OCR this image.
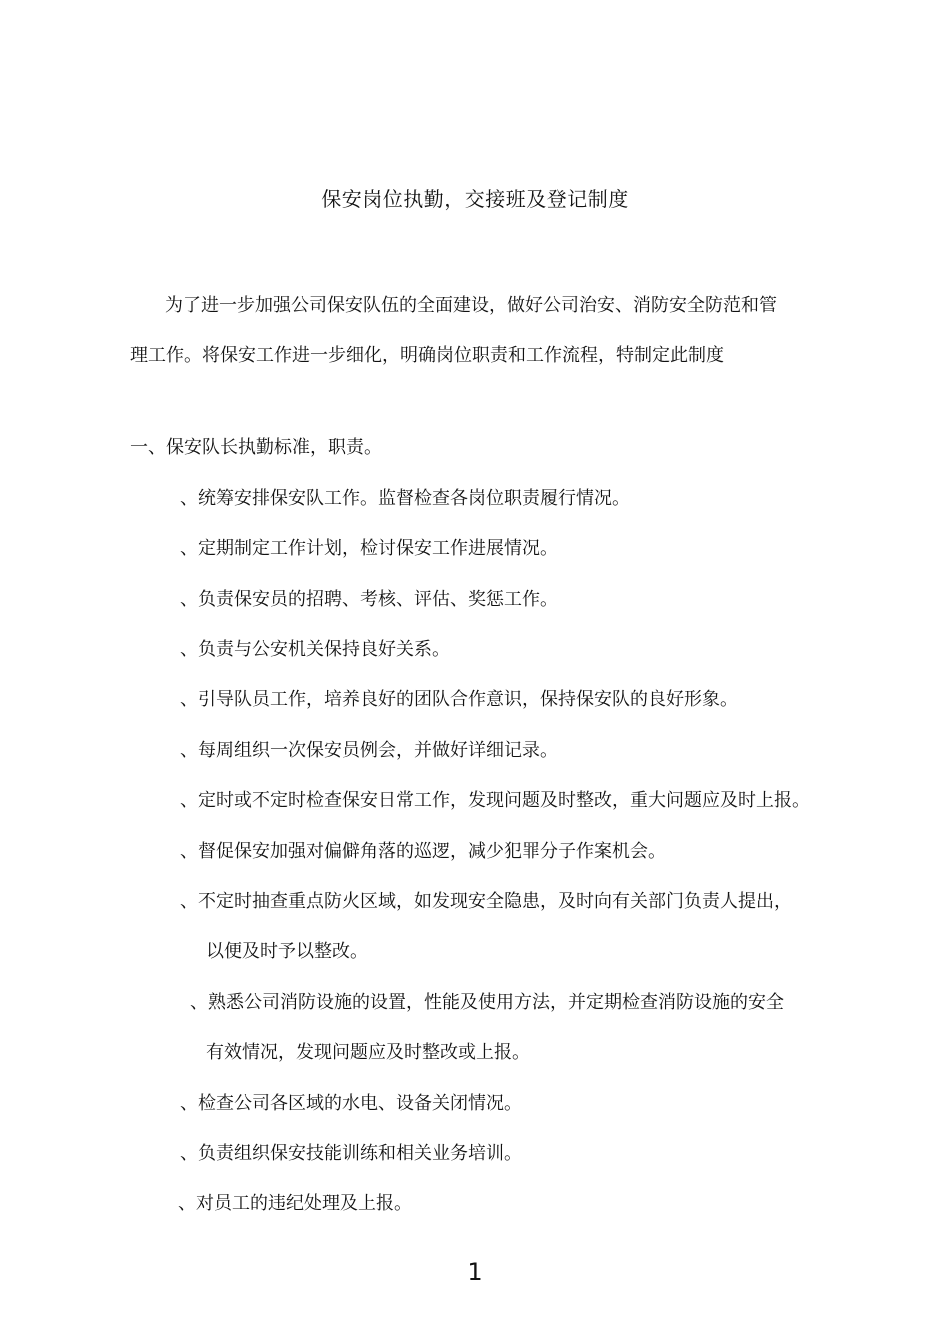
保安岗位执勤，交接班及登记制度
为了进一步加强公司保安队伍的全面建设，做好公司治安、消防安全防范和管
理工作。将保安工作进一步细化，明确岗位职责和工作流程，特制定此制度
一、保安队长执勤标准，职责。
、统筹安排保安队工作。监督检查各岗位职责履行情况。
、定期制定工作计划，检讨保安工作进展情况。
、负责保安员的招聘、考核、评估、奖惩工作。
、负责与公安机关保持良好关系。
、引导队员工作，培养良好的团队合作意识，保持保安队的良好形象。
、每周组织一次保安员例会，并做好详细记录。
、定时或不定时检查保安日常工作，发现问题及时整改，重大问题应及时上报。
、督促保安加强对偏僻角落的巡逻，减少犯罪分子作案机会。
、不定时抽查重点防火区域，如发现安全隐患，及时向有关部门负责人提出，
以便及时予以整改。
、熟悉公司消防设施的设置，性能及使用方法，并定期检查消防设施的安全
有效情况，发现问题应及时整改或上报。
、检查公司各区域的水电、设备关闭情况。
、负责组织保安技能训练和相关业务培训。
、对员工的违纪处理及上报。
1
